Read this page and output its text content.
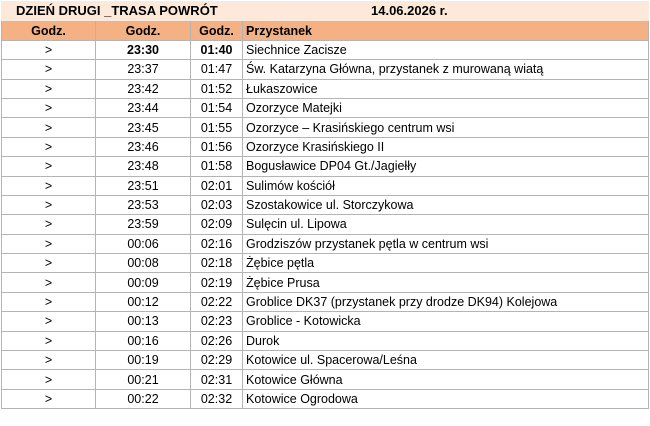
DZIEŃ DRUGI _TRASA POWRÓT			14.06.2026 r.
Godz.	Godz.	Godz.	Przystanek
>	23:30	01:40	Siechnice Zacisze
>	23:37	01:47	Św. Katarzyna Główna, przystanek z murowaną wiatą
>	23:42	01:52	Łukaszowice
>	23:44	01:54	Ozorzyce Matejki
>	23:45	01:55	Ozorzyce – Krasińskiego centrum wsi
>	23:46	01:56	Ozorzyce Krasińskiego II
>	23:48	01:58	Bogusławice DP04 Gt./Jagiełły
>	23:51	02:01	Sulimów kościół
>	23:53	02:03	Szostakowice ul. Storczykowa
>	23:59	02:09	Sulęcin ul. Lipowa
>	00:06	02:16	Grodziszów przystanek pętla w centrum wsi
>	00:08	02:18	Żębice pętla
>	00:09	02:19	Żębice Prusa
>	00:12	02:22	Groblice DK37 (przystanek przy drodze DK94) Kolejowa
>	00:13	02:23	Groblice - Kotowicka
>	00:16	02:26	Durok
>	00:19	02:29	Kotowice ul. Spacerowa/Leśna
>	00:21	02:31	Kotowice Główna
>	00:22	02:32	Kotowice Ogrodowa
